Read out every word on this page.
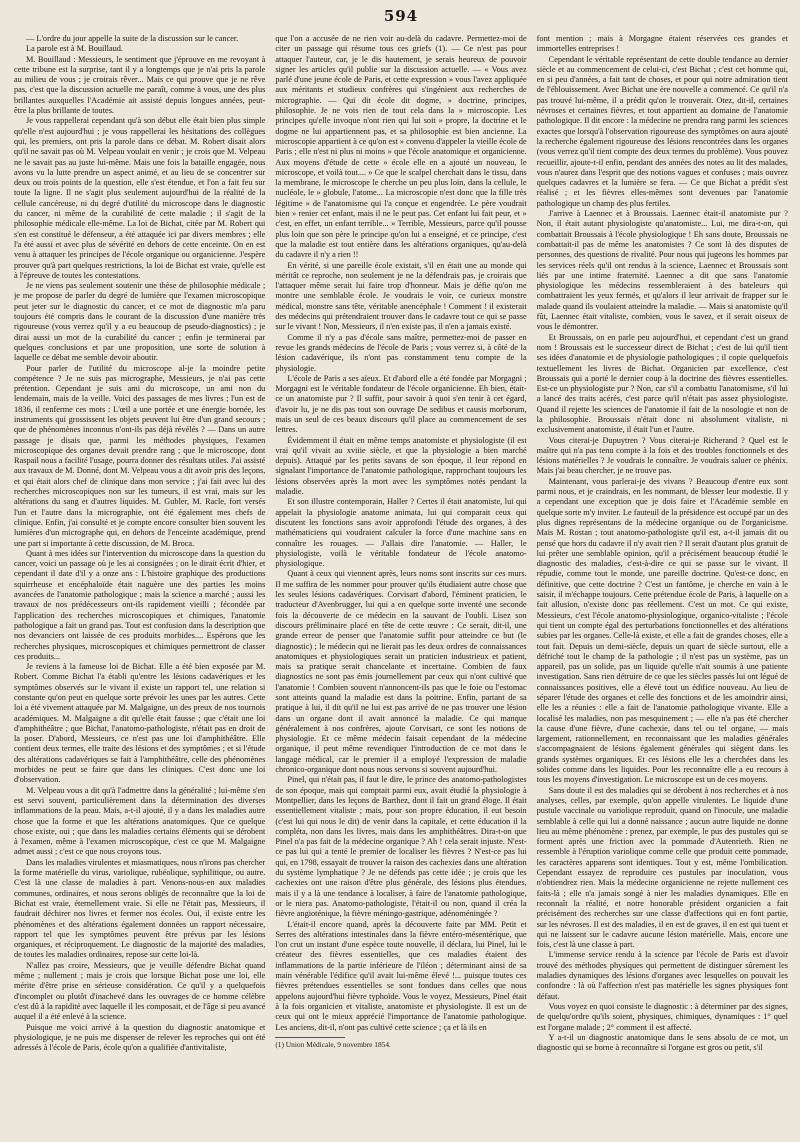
594

— L'ordre du jour appelle la suite de la discussion sur le cancer.

La parole est à M. Bouillaud.

M. Bouillaud : Messieurs, le sentiment que j'éprouve en me revoyant à cette tribune est la surprise, tant il y a longtemps que je n'ai pris la parole au milieu de vous ; je croirais rêver... Mais ce qui prouve que je ne rêve pas, c'est que la discussion actuelle me paraît, comme à vous, une des plus brillantes auxquelles l'Académie ait assisté depuis longues années, peut-être la plus brillante de toutes.

Je vous rappellerai cependant qu'à son début elle était bien plus simple qu'elle n'est aujourd'hui ; je vous rappellerai les hésitations des collègues qui, les premiers, ont pris la parole dans ce débat. M. Robert disait alors qu'il ne savait pas où M. Velpeau voulait en venir ; je crois que M. Velpeau ne le savait pas au juste lui-même. Mais une fois la bataille engagée, nous avons vu la lutte prendre un aspect animé, et au lieu de se concentrer sur deux ou trois points de la question, elle s'est étendue, et l'on a fait feu sur toute la ligne. Il ne s'agit plus seulement aujourd'hui de la réalité de la cellule cancéreuse, ni du degré d'utilité du microscope dans le diagnostic du cancer, ni même de la curabilité de cette maladie ; il s'agit de la philosophie médicale elle-même. La loi de Bichat, citée par M. Robert qui s'en est constitué le défenseur, a été attaquée ici par divers membres ; elle l'a été aussi et avec plus de sévérité en dehors de cette enceinte. On en est venu à attaquer les principes de l'école organique ou organicienne. J'espère prouver qu'à part quelques restrictions, la loi de Bichat est vraie, qu'elle est à l'épreuve de toutes les contestations.

Je ne viens pas seulement soutenir une thèse de philosophie médicale ; je me propose de parler du degré de lumière que l'examen microscopique peut jeter sur le diagnostic du cancer, et ce mot de diagnostic m'a paru toujours été compris dans le courant de la discussion d'une manière très rigoureuse (vous verrez qu'il y a eu beaucoup de pseudo-diagnostics) ; je dirai aussi un mot de la curabilité du cancer ; enfin je terminerai par quelques conclusions et par une proposition, une sorte de solution à laquelle ce débat me semble devoir aboutir.

Pour parler de l'utilité du microscope al-je la moindre petite compétence ? Je ne suis pas micrographe, Messieurs, je n'ai pas cette prétention. Cependant je suis ami du microscope, un ami non du lendemain, mais de la veille. Voici des passages de mes livres ; l'un est de 1836, il renferme ces mots : L'œil a une portée et une énergie bornée, les instruments qui grossissent les objets peuvent lui être d'un grand secours ; que de phénomènes inconnus n'ont-ils pas déjà révélés ? — Dans un autre passage je disais que, parmi les méthodes physiques, l'examen microscopique des organes devait prendre rang ; que le microscope, dont Raspail nous a facilité l'usage, pourra donner des résultats utiles. J'ai assisté aux travaux de M. Donné, dont M. Velpeau vous a dit avoir pris des leçons, et qui était alors chef de clinique dans mon service ; j'ai fait avec lui des recherches microscopiques non sur les tumeurs, il est vrai, mais sur les altérations du sang et d'autres liquides. M. Gubler, M. Racle, fort versés l'un et l'autre dans la micrographie, ont été également mes chefs de clinique. Enfin, j'ai consulté et je compte encore consulter bien souvent les lumières d'un micrographe qui, en dehors de l'enceinte académique, prend une part si importante à cette discussion, de M. Broca.

Quant à mes idées sur l'intervention du microscope dans la question du cancer, voici un passage où je les ai consignées ; on le dirait écrit d'hier, et cependant il date d'il y a onze ans : L'histoire graphique des productions squirrheuse et encéphaloïde était naguère une des parties les moins avancées de l'anatomie pathologique ; mais la science a marché ; aussi les travaux de nos prédécesseurs ont-ils rapidement vieilli ; fécondée par l'application des recherches microscopiques et chimiques, l'anatomie pathologique a fait un grand pas. Tout est confusion dans la description que nos devanciers ont laissée de ces produits morbides.... Espérons que les recherches physiques, microscopiques et chimiques permettront de classer ces produits...

Je reviens à la fameuse loi de Bichat. Elle a été bien exposée par M. Robert. Comme Bichat l'a établi qu'entre les lésions cadavériques et les symptômes observés sur le vivant il existe un rapport tel, une relation si constante qu'on peut en quelque sorte prévoir les unes par les autres. Cette loi a été vivement attaquée par M. Malgaigne, un des preux de nos tournois académiques. M. Malgaigne a dit qu'elle était fausse ; que c'était une loi d'amphithéâtre ; que Bichat, l'anatomo-pathologiste, n'était pas en droit de la poser. D'abord, Messieurs, ce n'est pas une loi d'amphithéâtre. Elle contient deux termes, elle traite des lésions et des symptômes ; et si l'étude des altérations cadavériques se fait à l'amphithéâtre, celle des phénomènes morbides ne peut se faire que dans les cliniques. C'est donc une loi d'observation.

M. Velpeau vous a dit qu'à l'admettre dans la généralité ; lui-même s'en est servi souvent, particulièrement dans la détermination des diverses inflammations de la peau. Mais, a-t-il ajouté, il y a dans les maladies autre chose que la forme et que les altérations anatomiques. Que ce quelque chose existe, oui ; que dans les maladies certains éléments qui se dérobent à l'examen, même à l'examen microscopique, c'est ce que M. Malgaigne admet aussi ; c'est ce que nous croyons tous.

Dans les maladies virulentes et miasmatiques, nous n'irons pas chercher la forme matérielle du virus, variolique, rubéolique, syphilitique, ou autre. C'est là une classe de maladies à part. Venons-nous-en aux maladies communes, ordinaires, et nous serons obligés de reconnaître que la loi de Bichat est vraie, éternellement vraie. Si elle ne l'était pas, Messieurs, il faudrait déchirer nos livres et fermer nos écoles. Oui, il existe entre les phénomènes et des altérations également données un rapport nécessaire, rapport tel que les symptômes peuvent être prévus par les lésions organiques, et réciproquement. Le diagnostic de la majorité des maladies, de toutes les maladies ordinaires, repose sur cette loi-là.

N'allez pas croire, Messieurs, que je veuille défendre Bichat quand même ; nullement ; mais je crois que lorsque Bichat pose une loi, elle mérite d'être prise en sérieuse considération. Ce qu'il y a quelquefois d'incomplet ou plutôt d'inachevé dans les ouvrages de ce homme célèbre c'est dû à la rapidité avec laquelle il les composait, et de l'âge si peu avancé auquel il a été enlevé à la science.

Puisque me voici arrivé à la question du diagnostic anatomique et physiologique, je ne puis me dispenser de relever les reproches qui ont été adressés à l'école de Paris, école qu'on a qualifiée d'antivitaliste,

que l'on a accusée de ne rien voir au-delà du cadavre. Permettez-moi de citer un passage qui résume tous ces griefs (1). — Ce n'est pas pour attaquer l'auteur, car, je le dis hautement, je serais heureux de pouvoir signer les articles qu'il publie sur la discussion actuelle. — « Vous avez parlé d'une jeune école de Paris, et cette expression » vous l'avez appliquée aux méritants et studieux confrères qui s'ingénient aux recherches de micrographie. — Qui dit école dit dogme, » doctrine, principes, philosophie. Je ne vois rien de tout cela dans la » microscopie. Les principes qu'elle invoque n'ont rien qui lui soit » propre, la doctrine et le dogme ne lui appartiennent pas, et sa philosophie est bien ancienne. La microscopie appartient à ce qu'on est » convenu d'appeler la vieille école de Paris ; elle n'est ni plus ni moins » que l'école anatomique et organicienne. Aux moyens d'étude de cette » école elle en a ajouté un nouveau, le microscope, et voilà tout.... » Ce que le scalpel cherchait dans le tissu, dans la membrane, le microscope le cherche un peu plus loin, dans la cellule, le nucléole, le » globule, l'atome... La microscopie n'est donc que la fille très légitime » de l'anatomisme qui l'a conçue et engendrée. Le père voudrait bien » renier cet enfant, mais il ne le peut pas. Cet enfant lui fait peur, et » c'est, en effet, un enfant terrible... » Terrible, Messieurs, parce qu'il pousse plus loin que son père le principe qu'on lui a enseigné, et ce principe, c'est que la maladie est tout entière dans les altérations organiques, qu'au-delà du cadavre il n'y a rien !!

En vérité, si une pareille école existait, s'il en était une au monde qui méritât ce reproche, non seulement je ne la défendrais pas, je croirais que l'attaquer même serait lui faire trop d'honneur. Mais je défie qu'on me montre une semblable école. Je voudrais le voir, ce curieux monstre médical, monstre sans tête, véritable anencéphale ! Comment ! il existerait des médecins qui prétendraient trouver dans le cadavre tout ce qui se passe sur le vivant ! Non, Messieurs, il n'en existe pas, il n'en a jamais existé.

Comme il n'y a pas d'école sans maître, permettez-moi de passer en revue les grands médecins de l'école de Paris ; vous verrez si, à côté de la lésion cadavérique, ils n'ont pas constamment tenu compte de la physiologie.

L'école de Paris a ses aïeux. Et d'abord elle a été fondée par Morgagni ; Morgagni est le véritable fondateur de l'école organicienne. Eh bien, était-ce un anatomiste pur ? Il suffit, pour savoir à quoi s'en tenir à cet égard, d'avoir lu, je ne dis pas tout son ouvrage De sedibus et causis morborum, mais un seul de ces beaux discours qu'il place au commencement de ses lettres.

Évidemment il était en même temps anatomiste et physiologiste (il est vrai qu'il vivait au xviiie siècle, et que la physiologie a bien marché depuis). Attaqué par les petits savans de son époque, il leur répond en signalant l'importance de l'anatomie pathologique, rapprochant toujours les lésions observées après la mort avec les symptômes notés pendant la maladie.

Et son illustre contemporain, Haller ? Certes il était anatomiste, lui qui appelait la physiologie anatome animata, lui qui comparait ceux qui discutent les fonctions sans avoir approfondi l'étude des organes, à des mathématiciens qui voudraient calculer la force d'une machine sans en connaître les rouages. — J'allais dire l'anatomie. — Haller, le physiologiste, voilà le véritable fondateur de l'école anatomo-physiologique.

Quant à ceux qui viennent après, leurs noms sont inscrits sur ces murs. Il me suffira de les nommer pour prouver qu'ils étudiaient autre chose que les seules lésions cadavériques. Corvisart d'abord, l'éminent praticien, le traducteur d'Avenbrugger, lui qui a en quelque sorte inventé une seconde fois la découverte de ce médecin en la sauvant de l'oubli. Lisez son discours préliminaire placé en tête de cette œuvre : Ce serait, dit-il, une grande erreur de penser que l'anatomie suffit pour atteindre ce but (le diagnostic) ; le médecin qui ne lierait pas les deux ordres de connaissances anatomiques et physiologiques serait un praticien industrieux et patient, mais sa pratique serait chancelante et incertaine. Combien de faux diagnostics ne sont pas émis journellement par ceux qui n'ont cultivé que l'anatomie ! Combien souvent n'annoncent-ils pas que le foie ou l'estomac sont atteints quand la maladie est dans la poitrine. Enfin, partant de sa pratique à lui, il dit qu'il ne lui est pas arrivé de ne pas trouver une lésion dans un organe dont il avait annoncé la maladie. Ce qui manque généralement à nos confrères, ajoute Corvisart, ce sont les notions de physiologie. Et ce même médecin faisait cependant de la médecine organique, il peut même revendiquer l'introduction de ce mot dans le langage médical, car le premier il a employé l'expression de maladie chronico-organique dont nous nous servons si souvent aujourd'hui.

Pinel, qui n'était pas, il faut le dire, le prince des anatomo-pathologistes de son époque, mais qui comptait parmi eux, avait étudié la physiologie à Montpellier, dans les leçons de Barthez, dont il fait un grand éloge. Il était essentiellement vitaliste ; mais, pour son propre éducation, il eut besoin (c'est lui qui nous le dit) de venir dans la capitale, et cette éducation il la compléta, non dans les livres, mais dans les amphithéâtres. Dira-t-on que Pinel n'a pas fait de la médecine organique ? Ah ! cela serait injuste. N'est-ce pas lui qui a tenté le premier de localiser les fièvres ? N'est-ce pas lui qui, en 1798, essayait de trouver la raison des cachexies dans une altération du système lymphatique ? Je ne défends pas cette idée ; je crois que les cachexies ont une raison d'être plus générale, des lésions plus étendues, mais il y a là une tendance à localiser, à faire de l'anatomie pathologique, or le niera pas. Anatomo-pathologiste, l'était-il ou non, quand il créa la fièvre angioténique, la fièvre méningo-gastrique, adénoméningée ?

L'était-il encore quand, après la découverte faite par MM. Petit et Serres des altérations intestinales dans la fièvre entéro-mésentérique, que l'on crut un instant d'une espèce toute nouvelle, il déclara, lui Pinel, lui le créateur des fièvres essentielles, que ces maladies étaient des inflammations de la partie inférieure de l'iléon ; déterminant ainsi de sa main vénérable l'édifice qu'il avait lui-même élevé !... puisque toutes ces fièvres prétendues essentielles se sont fondues dans celles que nous appelons aujourd'hui fièvre typhoïde. Vous le voyez, Messieurs, Pinel était à la fois organicien et vitaliste, anatomiste et physiologiste. Il est un de ceux qui ont le mieux apprécié l'importance de l'anatomie pathologique. Les anciens, dit-il, n'ont pas cultivé cette science ; ça et là ils en

(1) Union Médicale, 9 novembre 1854.

font mention ; mais à Morgagne étaient réservées ces grandes et immortelles entreprises !

Cependant le véritable représentant de cette double tendance au dernier siècle et au commencement de celui-ci, c'est Bichat ; c'est cet homme qui, en si peu d'années, a fait tant de choses, et pour qui notre admiration tient de l'éblouissement. Avec Bichat une ère nouvelle a commencé. Ce qu'il n'a pas trouvé lui-même, il a prédit qu'on le trouverait. Otez, dit-il, certaines névroses et certaines fièvres, et tout appartient au domaine de l'anatomie pathologique. Il dit encore : la médecine ne prendra rang parmi les sciences exactes que lorsqu'à l'observation rigoureuse des symptômes on aura ajouté la recherche également rigoureuse des lésions rencontrées dans les organes (vous verrez qu'il tient compte des deux termes du problème). Vous pouvez recueillir, ajoute-t-il enfin, pendant des années des notes au lit des malades, vous n'aurez dans l'esprit que des notions vagues et confuses ; mais ouvrez quelques cadavres et la lumière se fera. — Ce que Bichat a prédit s'est réalisé ; et les fièvres elles-mêmes sont devenues par l'anatomie pathologique un champ des plus fertiles.

J'arrive à Laennec et à Broussais. Laennec était-il anatomiste pur ? Non, il était autant physiologiste qu'anatomiste... Lui, me dira-t-on, qui combattait Broussais à l'école physiologique ! Eh sans doute, Broussais ne combattait-il pas de même les anatomistes ? Ce sont là des disputes de personnes, des questions de rivalité. Pour nous qui jugeons les hommes par les services réels qu'il ont rendus à la science, Laennec et Broussais sont liés par une intime fraternité. Laennec a dit que sans l'anatomie physiologique les médecins ressembleraient à des bateleurs qui combattraient les yeux fermés, et qu'alors il leur arrivait de frapper sur le malade quand ils voulaient atteindre la maladie. — Mais si anatomiste qu'il fût, Laennec était vitaliste, combien, vous le savez, et il serait oiseux de vous le démontrer.

Et Broussais, on en parle peu aujourd'hui, et cependant c'est un grand nom ! Broussais est le successeur direct de Bichat ; c'est de lui qu'il tient ses idées d'anatomie et de physiologie pathologiques ; il copie quelquefois textuellement les livres de Bichat. Organicien par excellence, c'est Broussais qui a porté le dernier coup à la doctrine des fièvres essentielles. Est-ce un physiologiste pur ? Non, car s'il a combattu l'anatomisme, s'il lui a lancé des traits acérés, c'est parce qu'il n'était pas assez physiologiste. Quand il rejette les sciences de l'anatomie il fait de la nosologie et non de la philosophie. Broussais n'était donc ni absolument vitaliste, ni exclusivement anatomiste, il était l'un et l'autre.

Vous citerai-je Dupuytren ? Vous citerai-je Richerand ? Quel est le maître qui n'a pas tenu compte à la fois et des troubles fonctionnels et des lésions matérielles ? Je voudrais le connaître. Je voudrais saluer ce phénix. Mais j'ai beau chercher, je ne trouve pas.

Maintenant, vous parlerai-je des vivans ? Beaucoup d'entre eux sont parmi nous, et je craindrais, en les nommant, de blesser leur modestie. Il y a cependant une exception que je dois faire et l'Académie semble en quelque sorte m'y inviter. Le fauteuil de la présidence est occupé par un des plus dignes représentans de la médecine organique ou de l'organicisme. Mais M. Rostan ; tout anatomo-pathologiste qu'il est, a-t-il jamais dit ou pensé que hors du cadavre il n'y avait rien ? Il serait d'autant plus gratuit de lui prêter une semblable opinion, qu'il a précisément beaucoup étudié le diagnostic des maladies, c'est-à-dire ce qui se passe sur le vivant. Il répudie, comme tout le monde, une pareille doctrine. Qu'est-ce donc, en définitive, que cette doctrine ? C'est un fantôme, je cherche en vain à le saisir, il m'échappe toujours. Cette prétendue école de Paris, à laquelle on a fait allusion, n'existe donc pas réellement. C'est un mot. Ce qui existe, Messieurs, c'est l'école anatomo-physiologique, organico-vitaliste ; l'école qui tient un compte égal des perturbations fonctionnelles et des altérations subies par les organes. Celle-là existe, et elle a fait de grandes choses, elle a tout fait. Depuis un demi-siècle, depuis un quart de siècle surtout, elle a défriché tout le champ de la pathologie ; il n'est pas un système, pas un appareil, pas un solide, pas un liquide qu'elle n'ait soumis à une patiente investigation. Sans rien détruire de ce que les siècles passés lui ont légué de connaissances positives, elle a élevé tout un édifice nouveau. Au lieu de séparer l'étude des organes et celle des fonctions et de les amoindrir ainsi, elle les a réunies : elle a fait de l'anatomie pathologique vivante. Elle a localisé les maladies, non pas mesquinement ; — elle n'a pas été chercher la cause d'une fièvre, d'une cachexie, dans tel ou tel organe, — mais largement, rationnellement, en reconnaissant que les maladies générales s'accompagnaient de lésions également générales qui siègent dans les grands systèmes organiques. Et ces lésions elle les a cherchées dans les solides comme dans les liquides. Pour les reconnaître elle a eu recours à tous les moyens d'investigation. Le microscope est un de ces moyens.

Sans doute il est des maladies qui se dérobent à nos recherches et à nos analyses, celles, par exemple, qu'on appelle virulentes. Le liquide d'une pustule vaccinale ou variolique reproduit, quand on l'inocule, une maladie semblable à celle qui lui a donné naissance ; aucun autre liquide ne donne lieu au même phénomène : prenez, par exemple, le pus des pustules qui se forment après une friction avec la pommade d'Autenrieth. Rien ne ressemble à l'éruption variolique comme celle que produit cette pommade, les caractères apparens sont identiques. Tout y est, même l'ombilication. Cependant essayez de reproduire ces pustules par inoculation, vous n'obtiendrez rien. Mais la médecine organicienne ne rejette nullement ces faits-là ; elle n'a jamais songé à nier les maladies dynamiques. Elle en reconnaît la réalité, et notre honorable président organicien a fait précisément des recherches sur une classe d'affections qui en font partie, sur les névroses. Il est des maladies, il en est de graves, il en est qui tuent et qui ne laissent sur le cadavre aucune lésion matérielle. Mais, encore une fois, c'est là une classe à part.

L'immense service rendu à la science par l'école de Paris est d'avoir trouvé des méthodes physiques qui permettent de distinguer sûrement les maladies dynamiques des lésions d'organes avec lesquelles on pouvait les confondre : là où l'affection n'est pas matérielle les signes physiques font défaut.

Vous voyez en quoi consiste le diagnostic : à déterminer par des signes, de quelqu'ordre qu'ils soient, physiques, chimiques, dynamiques : 1° quel est l'organe malade ; 2° comment il est affecté.

Y a-t-il un diagnostic anatomique dans le sens absolu de ce mot, un diagnostic qui se borne à reconnaître si l'organe est gros ou petit, s'il
